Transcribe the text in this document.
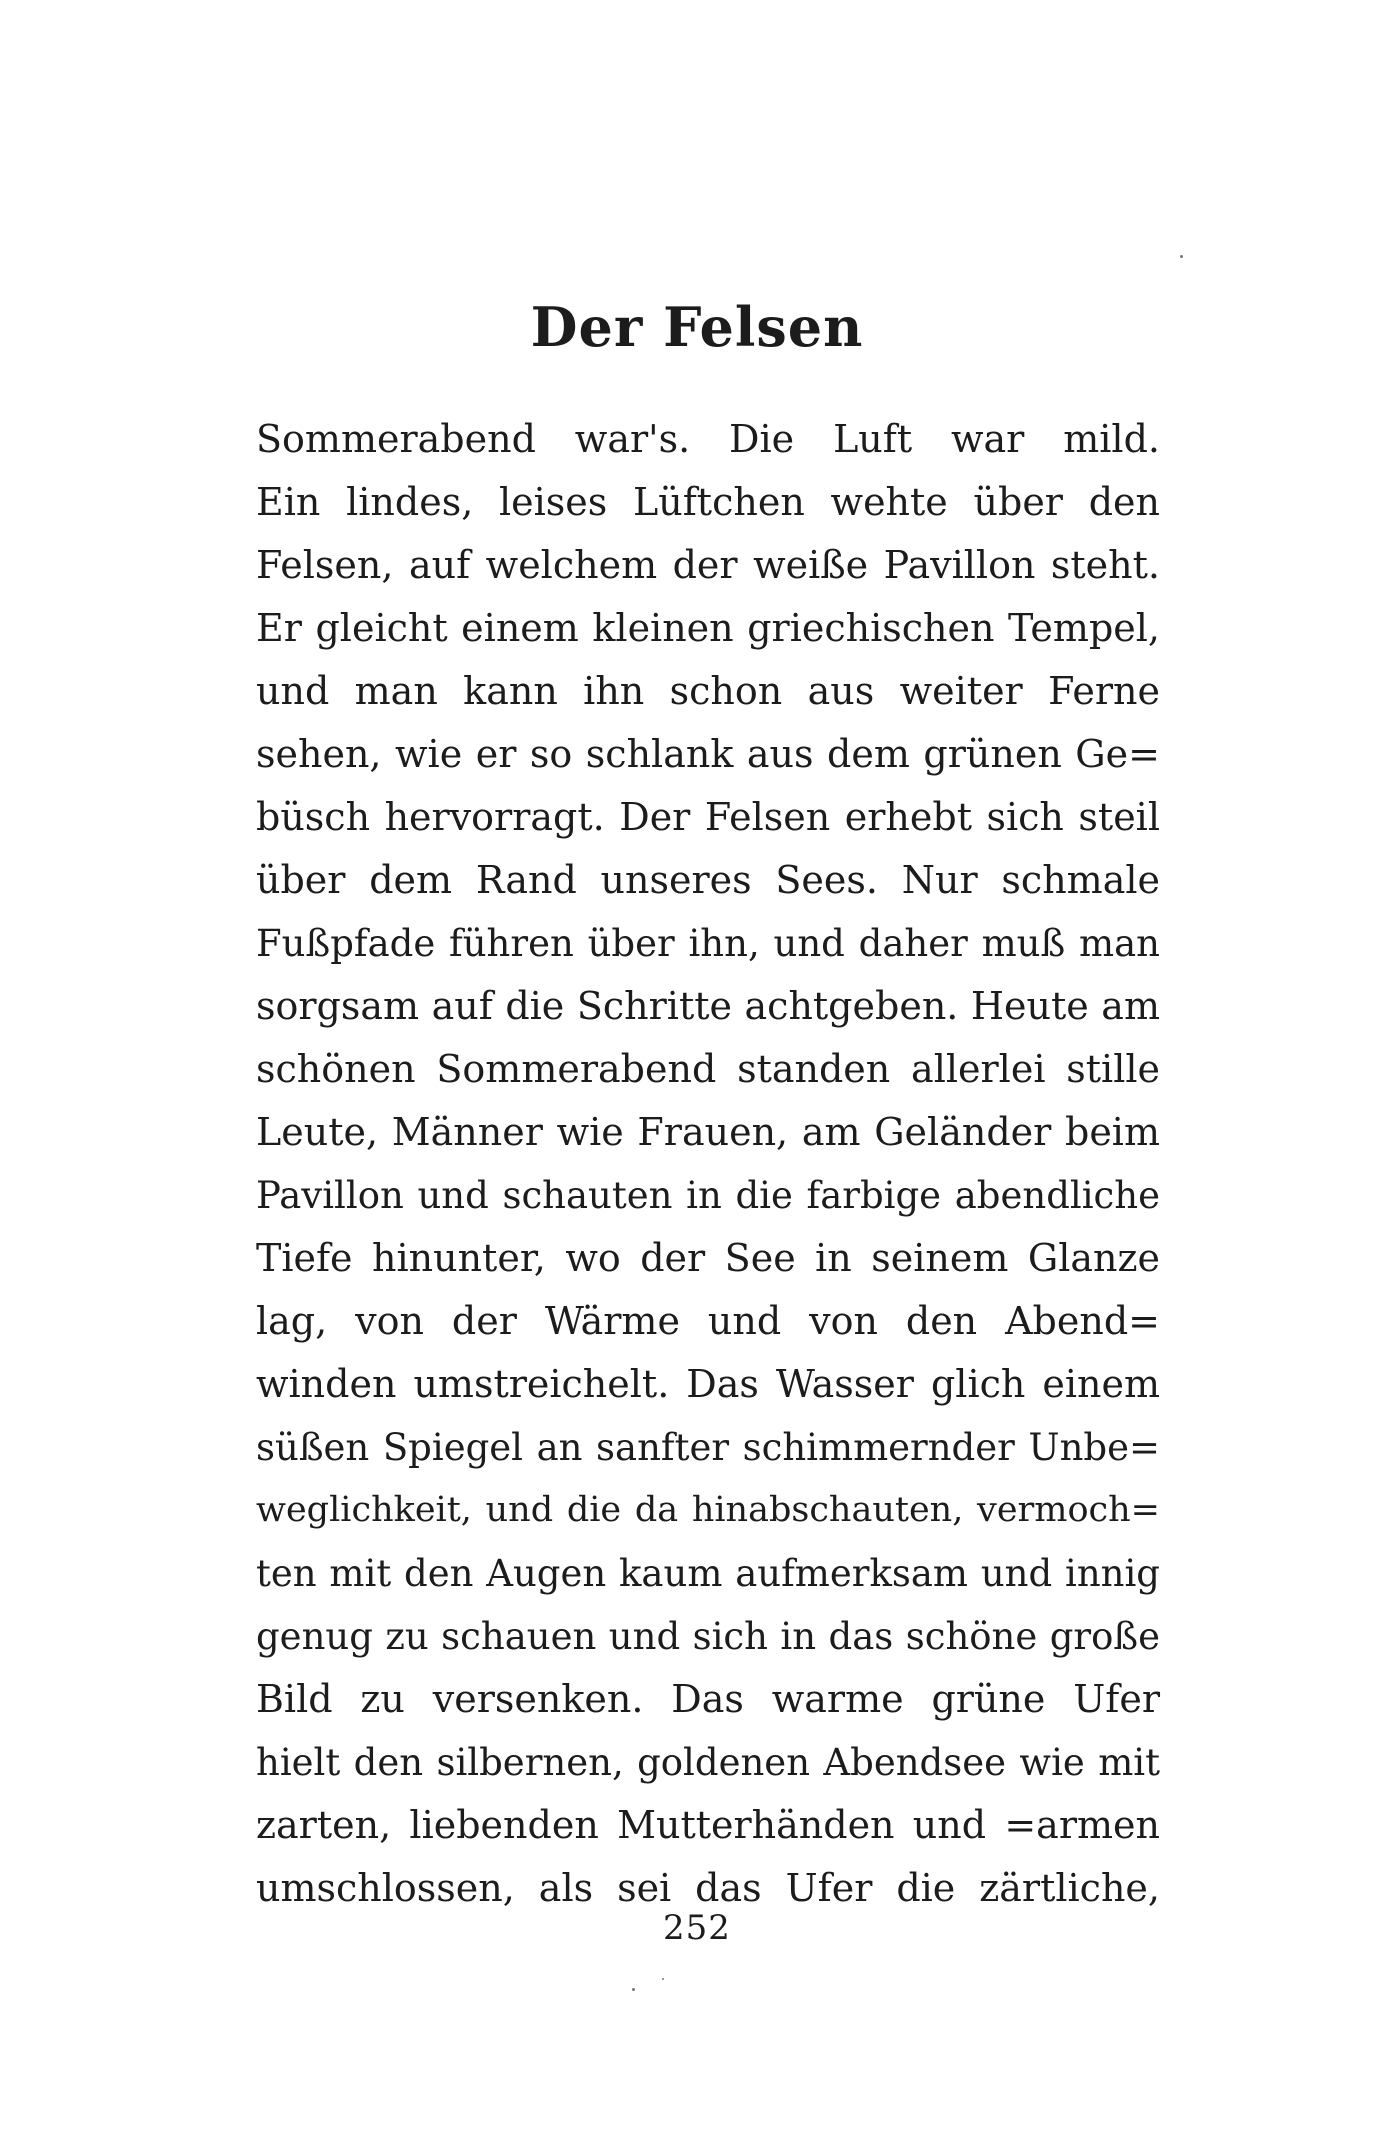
Der Felsen
Sommerabend war's. Die Luft war mild.
Ein lindes, leises Lüftchen wehte über den
Felsen, auf welchem der weiße Pavillon steht.
Er gleicht einem kleinen griechischen Tempel,
und man kann ihn schon aus weiter Ferne
sehen, wie er so schlank aus dem grünen Ge=
büsch hervorragt. Der Felsen erhebt sich steil
über dem Rand unseres Sees. Nur schmale
Fußpfade führen über ihn, und daher muß man
sorgsam auf die Schritte achtgeben. Heute am
schönen Sommerabend standen allerlei stille
Leute, Männer wie Frauen, am Geländer beim
Pavillon und schauten in die farbige abendliche
Tiefe hinunter, wo der See in seinem Glanze
lag, von der Wärme und von den Abend=
winden umstreichelt. Das Wasser glich einem
süßen Spiegel an sanfter schimmernder Unbe=
weglichkeit, und die da hinabschauten, vermoch=
ten mit den Augen kaum aufmerksam und innig
genug zu schauen und sich in das schöne große
Bild zu versenken. Das warme grüne Ufer
hielt den silbernen, goldenen Abendsee wie mit
zarten, liebenden Mutterhänden und =armen
umschlossen, als sei das Ufer die zärtliche,
252
